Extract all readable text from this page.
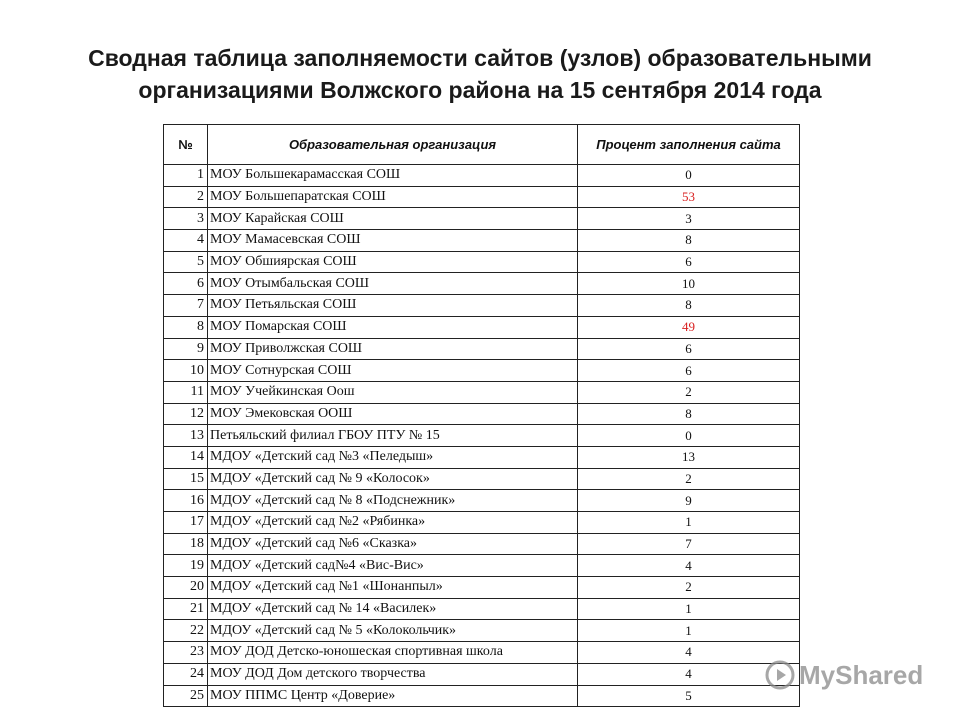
Сводная таблица заполняемости сайтов (узлов) образовательными
организациями Волжского района на 15 сентября 2014 года
№	Образовательная организация	Процент заполнения сайта
1	МОУ Большекарамасская СОШ	0
2	МОУ Большепаратская СОШ	53
3	МОУ Карайская СОШ	3
4	МОУ Мамасевская СОШ	8
5	МОУ Обшиярская СОШ	6
6	МОУ Отымбальская СОШ	10
7	МОУ Петьяльская СОШ	8
8	МОУ Помарская СОШ	49
9	МОУ Приволжская СОШ	6
10	МОУ Сотнурская СОШ	6
11	МОУ Учейкинская Оош	2
12	МОУ Эмековская ООШ	8
13	Петьяльский филиал ГБОУ ПТУ № 15	0
14	МДОУ «Детский сад №3 «Пеледыш»	13
15	МДОУ «Детский сад № 9 «Колосок»	2
16	МДОУ «Детский сад № 8 «Подснежник»	9
17	МДОУ «Детский сад №2 «Рябинка»	1
18	МДОУ «Детский сад №6 «Сказка»	7
19	МДОУ «Детский сад№4 «Вис-Вис»	4
20	МДОУ «Детский сад №1 «Шонанпыл»	2
21	МДОУ «Детский сад № 14 «Василек»	1
22	МДОУ «Детский сад № 5 «Колокольчик»	1
23	МОУ ДОД Детско-юношеская спортивная школа	4
24	МОУ ДОД Дом детского творчества	4
25	МОУ ППМС Центр «Доверие»	5
MyShared
